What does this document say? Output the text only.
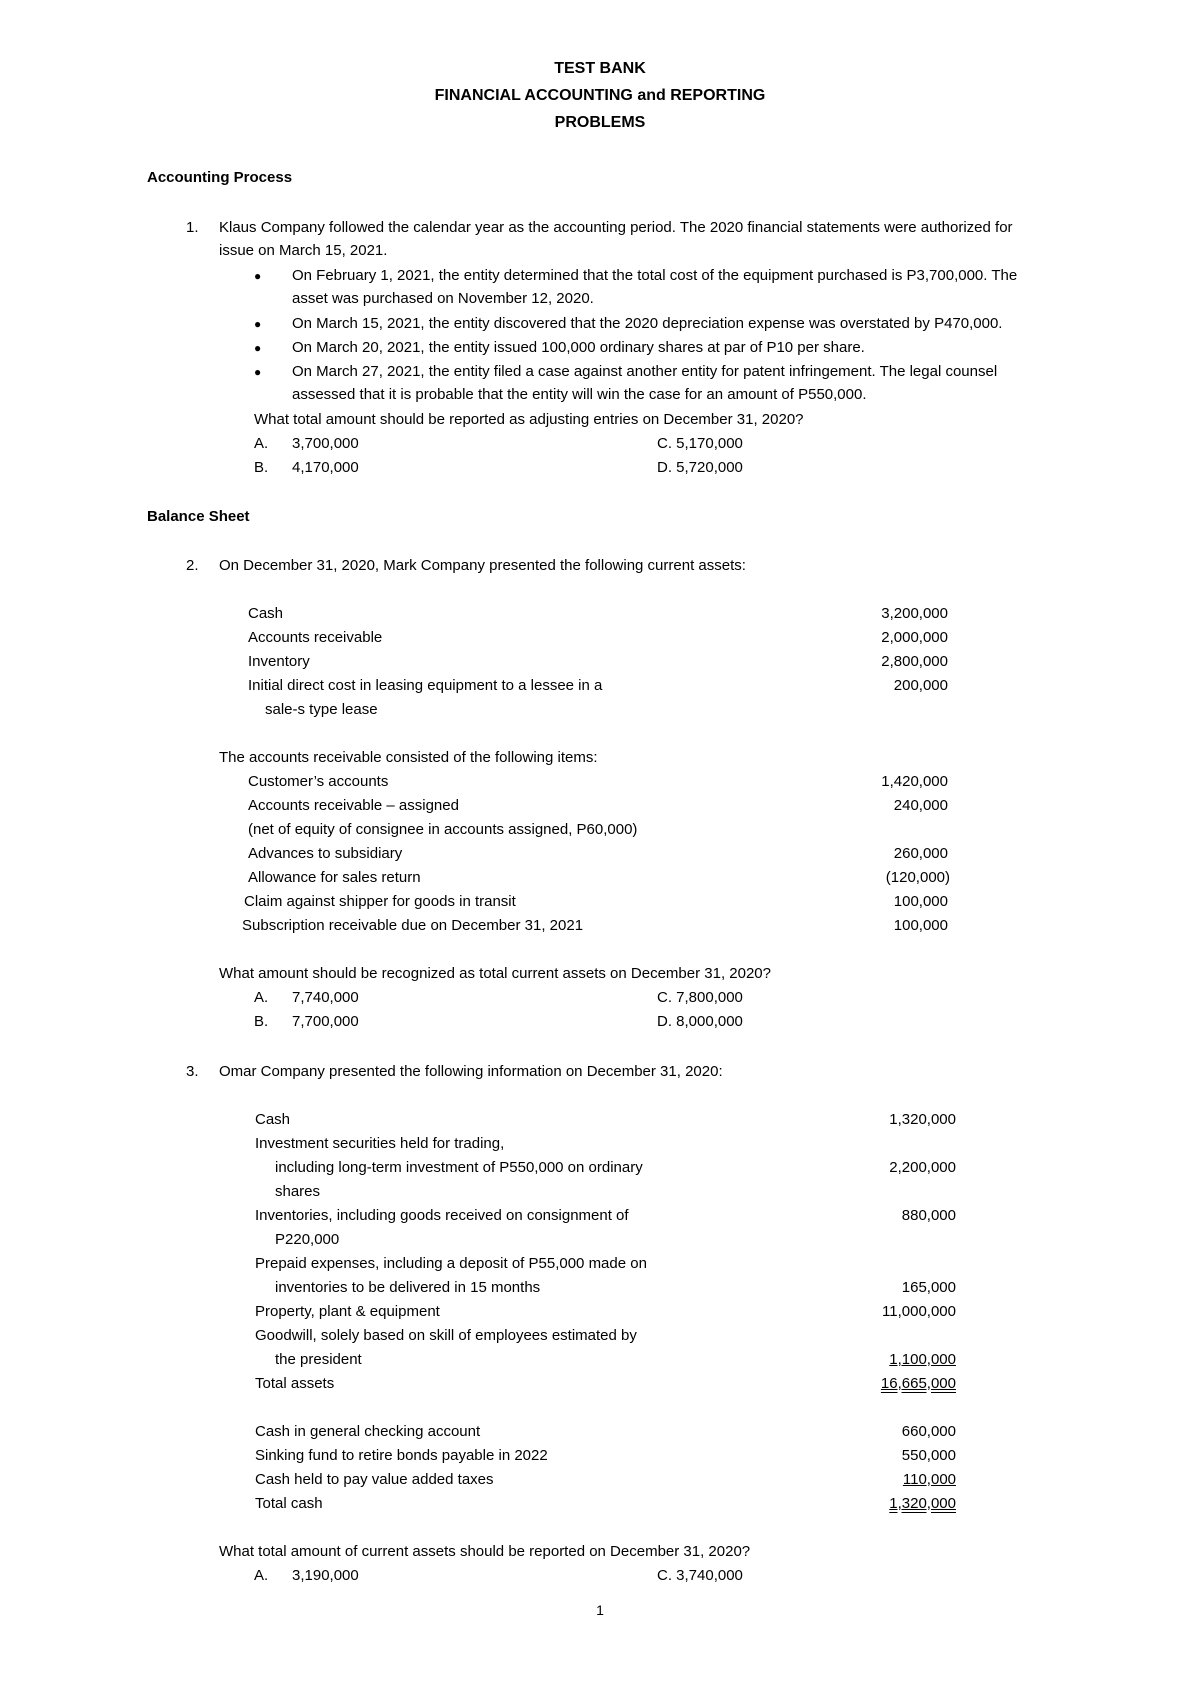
TEST BANK
FINANCIAL ACCOUNTING and REPORTING
PROBLEMS
Accounting Process
1. Klaus Company followed the calendar year as the accounting period. The 2020 financial statements were authorized for
issue on March 15, 2021.
● On February 1, 2021, the entity determined that the total cost of the equipment purchased is P3,700,000. The
asset was purchased on November 12, 2020.
● On March 15, 2021, the entity discovered that the 2020 depreciation expense was overstated by P470,000.
● On March 20, 2021, the entity issued 100,000 ordinary shares at par of P10 per share.
● On March 27, 2021, the entity filed a case against another entity for patent infringement. The legal counsel
assessed that it is probable that the entity will win the case for an amount of P550,000.
What total amount should be reported as adjusting entries on December 31, 2020?
A. 3,700,000	C. 5,170,000
B. 4,170,000	D. 5,720,000
Balance Sheet
2. On December 31, 2020, Mark Company presented the following current assets:
Cash	3,200,000
Accounts receivable	2,000,000
Inventory	2,800,000
Initial direct cost in leasing equipment to a lessee in a	200,000
sale-s type lease
The accounts receivable consisted of the following items:
Customer’s accounts	1,420,000
Accounts receivable – assigned	240,000
(net of equity of consignee in accounts assigned, P60,000)
Advances to subsidiary	260,000
Allowance for sales return	(120,000)
Claim against shipper for goods in transit	100,000
Subscription receivable due on December 31, 2021	100,000
What amount should be recognized as total current assets on December 31, 2020?
A. 7,740,000	C. 7,800,000
B. 7,700,000	D. 8,000,000
3. Omar Company presented the following information on December 31, 2020:
Cash	1,320,000
Investment securities held for trading,
including long-term investment of P550,000 on ordinary	2,200,000
shares
Inventories, including goods received on consignment of	880,000
P220,000
Prepaid expenses, including a deposit of P55,000 made on
inventories to be delivered in 15 months	165,000
Property, plant & equipment	11,000,000
Goodwill, solely based on skill of employees estimated by
the president	1,100,000
Total assets	16,665,000
Cash in general checking account	660,000
Sinking fund to retire bonds payable in 2022	550,000
Cash held to pay value added taxes	110,000
Total cash	1,320,000
What total amount of current assets should be reported on December 31, 2020?
A. 3,190,000	C. 3,740,000
1
